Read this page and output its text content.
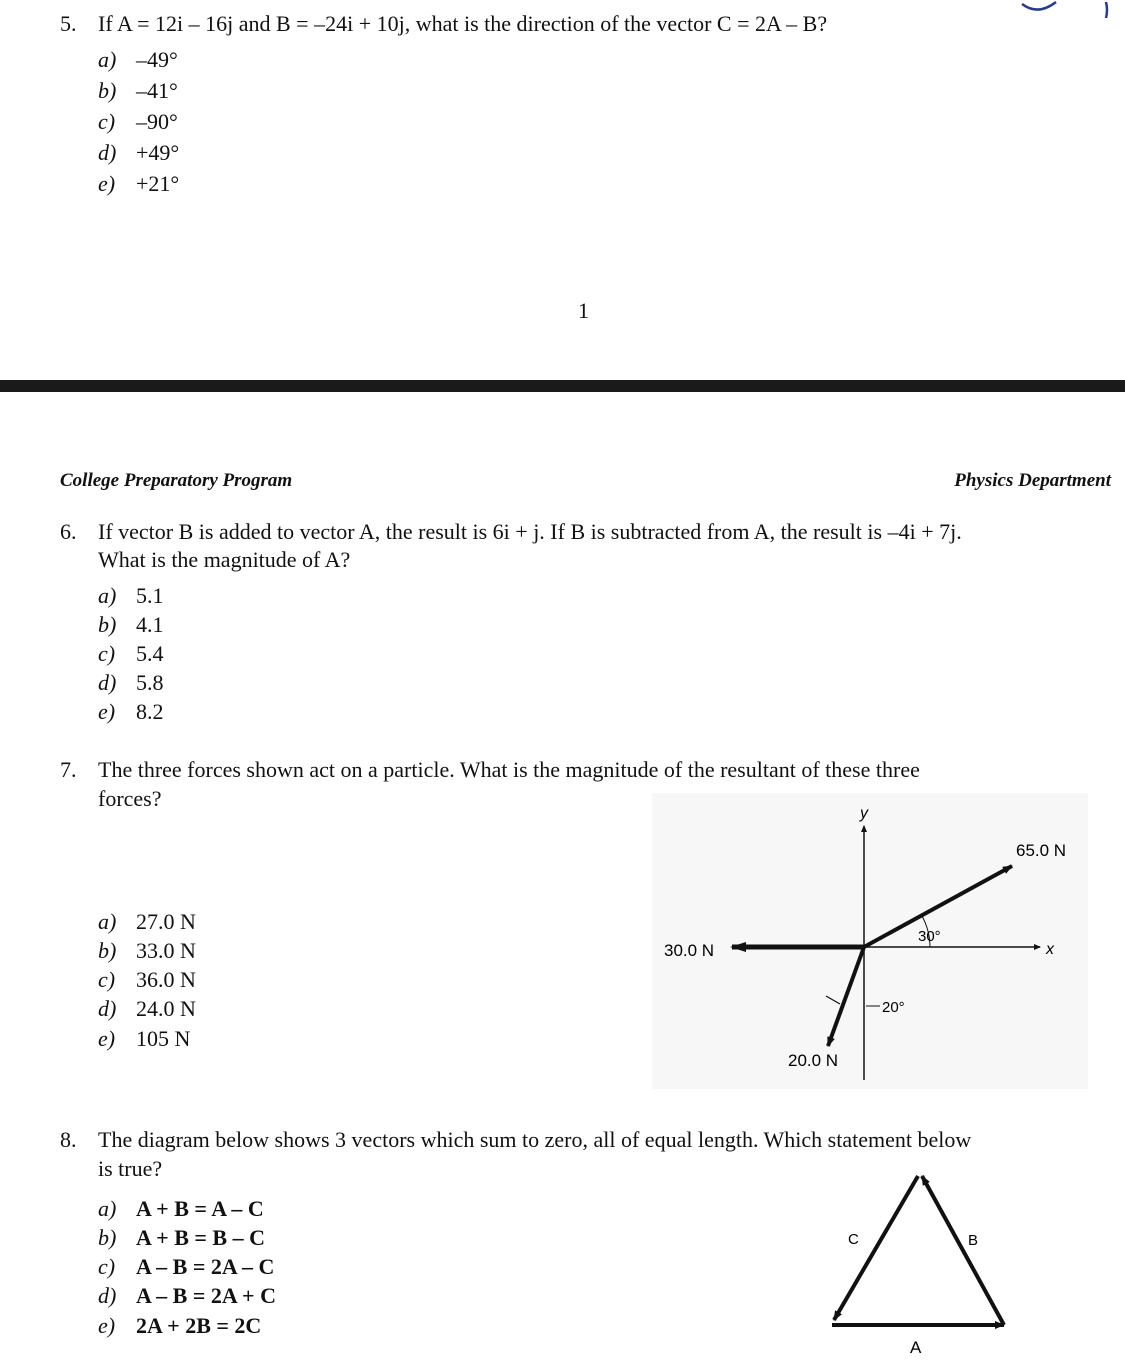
5. If A = 12i – 16j and B = –24i + 10j, what is the direction of the vector C = 2A – B?
a) –49°
b) –41°
c) –90°
d) +49°
e) +21°
1
College Preparatory Program	Physics Department
6. If vector B is added to vector A, the result is 6i + j. If B is subtracted from A, the result is –4i + 7j.
What is the magnitude of A?
a) 5.1
b) 4.1
c) 5.4
d) 5.8
e) 8.2
7. The three forces shown act on a particle. What is the magnitude of the resultant of these three
forces?
a) 27.0 N
b) 33.0 N
c) 36.0 N
d) 24.0 N
e) 105 N
y
x
65.0 N
30°
30.0 N
20.0 N
20°
8. The diagram below shows 3 vectors which sum to zero, all of equal length. Which statement below
is true?
a) A + B = A – C
b) A + B = B – C
c) A – B = 2A – C
d) A – B = 2A + C
e) 2A + 2B = 2C
A
B
C
